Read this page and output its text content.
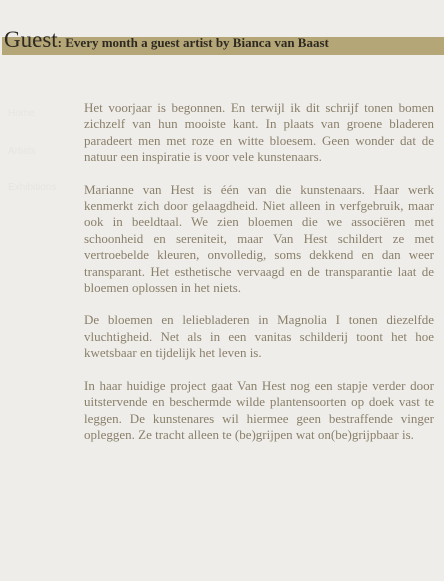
Guest: Every month a guest artist by Bianca van Baast
Home
Artists
Exhibitions

Het voorjaar is begonnen. En terwijl ik dit schrijf tonen bomen zichzelf van hun mooiste kant. In plaats van groene bladeren paradeert men met roze en witte bloesem. Geen wonder dat de natuur een inspiratie is voor vele kunstenaars.

Marianne van Hest is één van die kunstenaars. Haar werk kenmerkt zich door gelaagdheid. Niet alleen in verfgebruik, maar ook in beeldtaal. We zien bloemen die we associëren met schoonheid en sereniteit, maar Van Hest schildert ze met vertroebelde kleuren, onvolledig, soms dekkend en dan weer transparant. Het esthetische vervaagd en de transparantie laat de bloemen oplossen in het niets.

De bloemen en leliebladeren in Magnolia I tonen diezelfde vluchtigheid. Net als in een vanitas schilderij toont het hoe kwetsbaar en tijdelijk het leven is.

In haar huidige project gaat Van Hest nog een stapje verder door uitstervende en beschermde wilde plantensoorten op doek vast te leggen. De kunstenares wil hiermee geen bestraffende vinger opleggen. Ze tracht alleen te (be)grijpen wat on(be)grijpbaar is.
